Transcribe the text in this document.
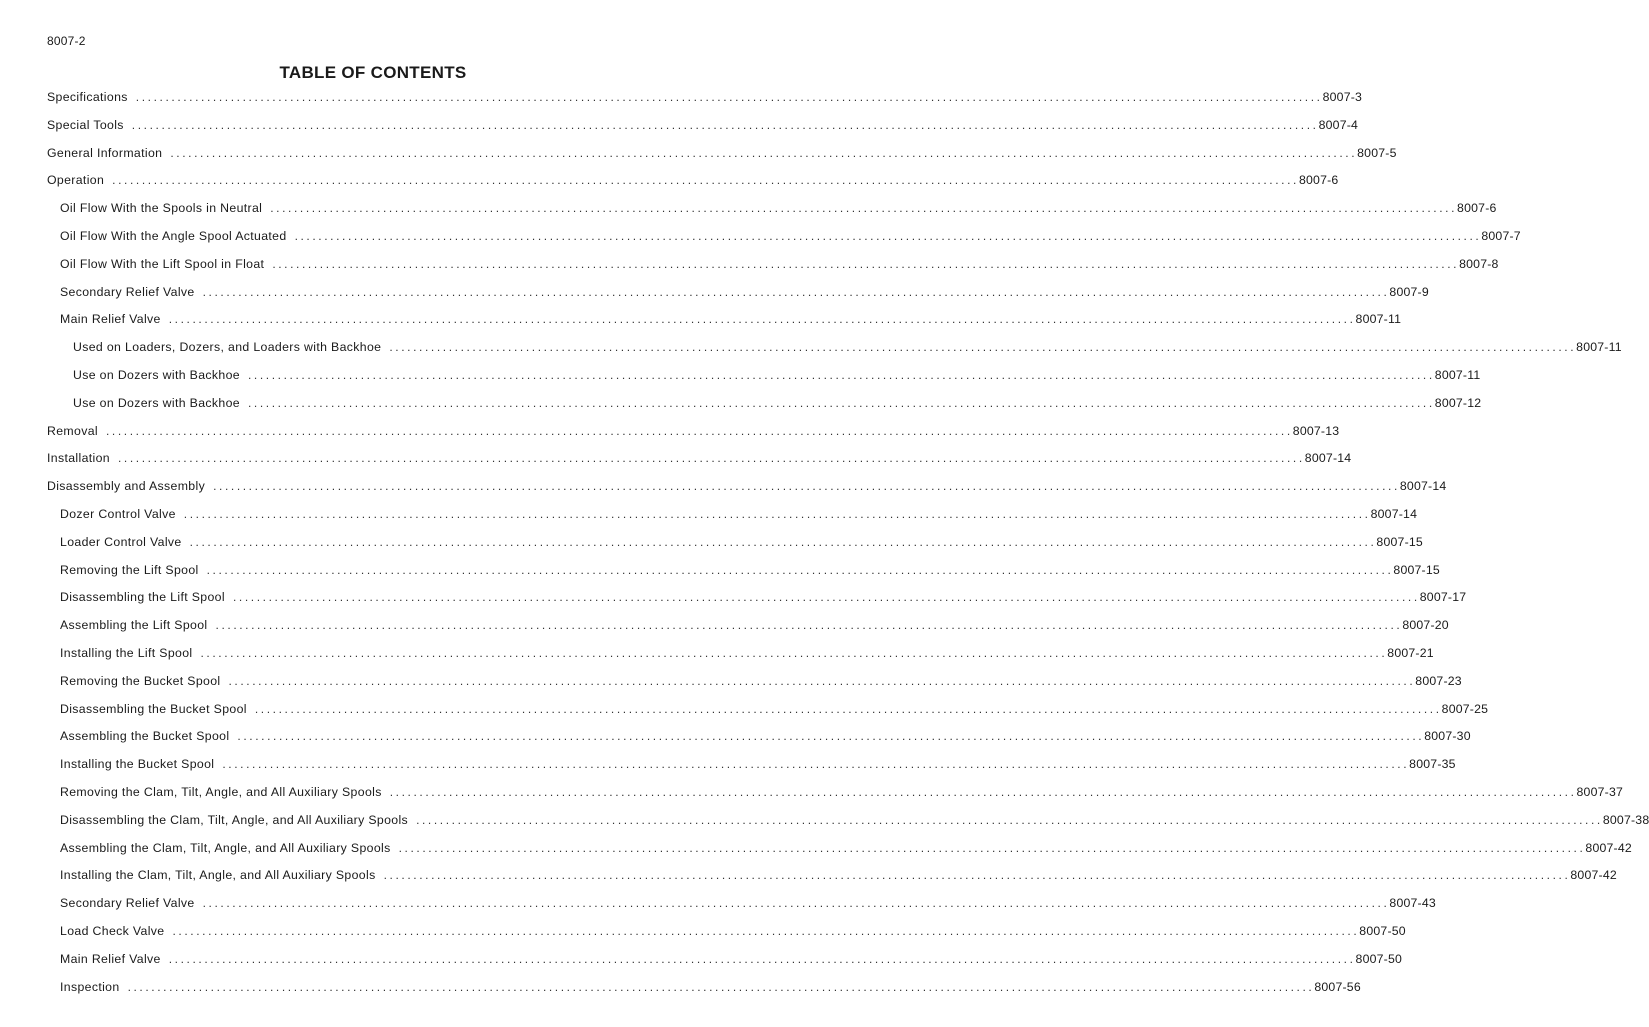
8007-2
TABLE OF CONTENTS
Specifications ........................................................................................................................................................................................................ 8007-3
Special Tools ........................................................................................................................................................................................................ 8007-4
General Information ........................................................................................................................................................................................................ 8007-5
Operation ........................................................................................................................................................................................................ 8007-6
Oil Flow With the Spools in Neutral ........................................................................................................................................................................................................ 8007-6
Oil Flow With the Angle Spool Actuated ........................................................................................................................................................................................................ 8007-7
Oil Flow With the Lift Spool in Float ........................................................................................................................................................................................................ 8007-8
Secondary Relief Valve ........................................................................................................................................................................................................ 8007-9
Main Relief Valve ........................................................................................................................................................................................................ 8007-11
Used on Loaders, Dozers, and Loaders with Backhoe ........................................................................................................................................................................................................ 8007-11
Use on Dozers with Backhoe ........................................................................................................................................................................................................ 8007-11
Use on Dozers with Backhoe ........................................................................................................................................................................................................ 8007-12
Removal ........................................................................................................................................................................................................ 8007-13
Installation ........................................................................................................................................................................................................ 8007-14
Disassembly and Assembly ........................................................................................................................................................................................................ 8007-14
Dozer Control Valve ........................................................................................................................................................................................................ 8007-14
Loader Control Valve ........................................................................................................................................................................................................ 8007-15
Removing the Lift Spool ........................................................................................................................................................................................................ 8007-15
Disassembling the Lift Spool ........................................................................................................................................................................................................ 8007-17
Assembling the Lift Spool ........................................................................................................................................................................................................ 8007-20
Installing the Lift Spool ........................................................................................................................................................................................................ 8007-21
Removing the Bucket Spool ........................................................................................................................................................................................................ 8007-23
Disassembling the Bucket Spool ........................................................................................................................................................................................................ 8007-25
Assembling the Bucket Spool ........................................................................................................................................................................................................ 8007-30
Installing the Bucket Spool ........................................................................................................................................................................................................ 8007-35
Removing the Clam, Tilt, Angle, and All Auxiliary Spools ........................................................................................................................................................................................................ 8007-37
Disassembling the Clam, Tilt, Angle, and All Auxiliary Spools ........................................................................................................................................................................................................ 8007-38
Assembling the Clam, Tilt, Angle, and All Auxiliary Spools ........................................................................................................................................................................................................ 8007-42
Installing the Clam, Tilt, Angle, and All Auxiliary Spools ........................................................................................................................................................................................................ 8007-42
Secondary Relief Valve ........................................................................................................................................................................................................ 8007-43
Load Check Valve ........................................................................................................................................................................................................ 8007-50
Main Relief Valve ........................................................................................................................................................................................................ 8007-50
Inspection ........................................................................................................................................................................................................ 8007-56
